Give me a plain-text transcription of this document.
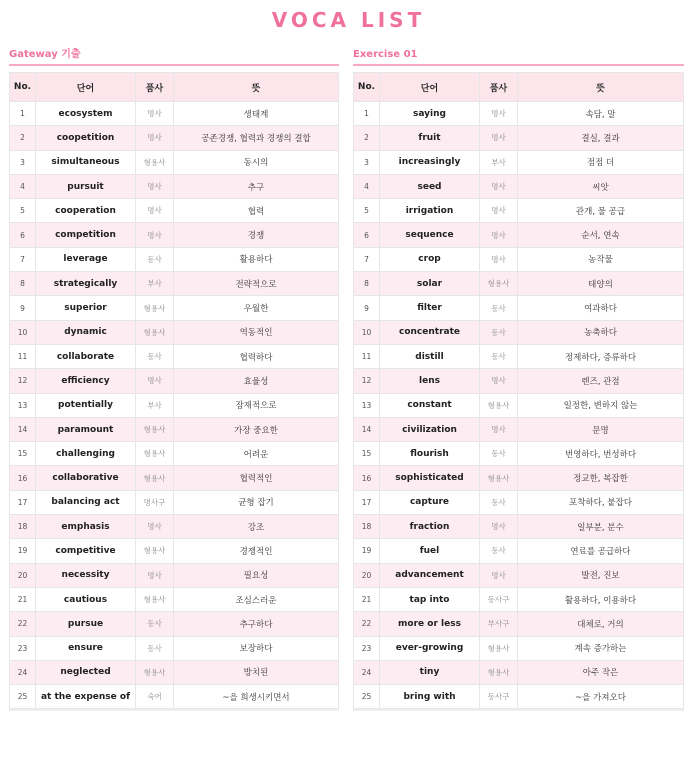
VOCA LIST
Gateway 기출
No.	단어	품사	뜻
1	ecosystem	명사	생태계
2	coopetition	명사	공존경쟁, 협력과 경쟁의 결합
3	simultaneous	형용사	동시의
4	pursuit	명사	추구
5	cooperation	명사	협력
6	competition	명사	경쟁
7	leverage	동사	활용하다
8	strategically	부사	전략적으로
9	superior	형용사	우월한
10	dynamic	형용사	역동적인
11	collaborate	동사	협력하다
12	efficiency	명사	효율성
13	potentially	부사	잠재적으로
14	paramount	형용사	가장 중요한
15	challenging	형용사	어려운
16	collaborative	형용사	협력적인
17	balancing act	명사구	균형 잡기
18	emphasis	명사	강조
19	competitive	형용사	경쟁적인
20	necessity	명사	필요성
21	cautious	형용사	조심스러운
22	pursue	동사	추구하다
23	ensure	동사	보장하다
24	neglected	형용사	방치된
25	at the expense of	숙어	~을 희생시키면서
Exercise 01
No.	단어	품사	뜻
1	saying	명사	속담, 말
2	fruit	명사	결실, 결과
3	increasingly	부사	점점 더
4	seed	명사	씨앗
5	irrigation	명사	관개, 물 공급
6	sequence	명사	순서, 연속
7	crop	명사	농작물
8	solar	형용사	태양의
9	filter	동사	여과하다
10	concentrate	동사	농축하다
11	distill	동사	정제하다, 증류하다
12	lens	명사	렌즈, 관점
13	constant	형용사	일정한, 변하지 않는
14	civilization	명사	문명
15	flourish	동사	번영하다, 번성하다
16	sophisticated	형용사	정교한, 복잡한
17	capture	동사	포착하다, 붙잡다
18	fraction	명사	일부분, 분수
19	fuel	동사	연료를 공급하다
20	advancement	명사	발전, 진보
21	tap into	동사구	활용하다, 이용하다
22	more or less	부사구	대체로, 거의
23	ever-growing	형용사	계속 증가하는
24	tiny	형용사	아주 작은
25	bring with	동사구	~을 가져오다
